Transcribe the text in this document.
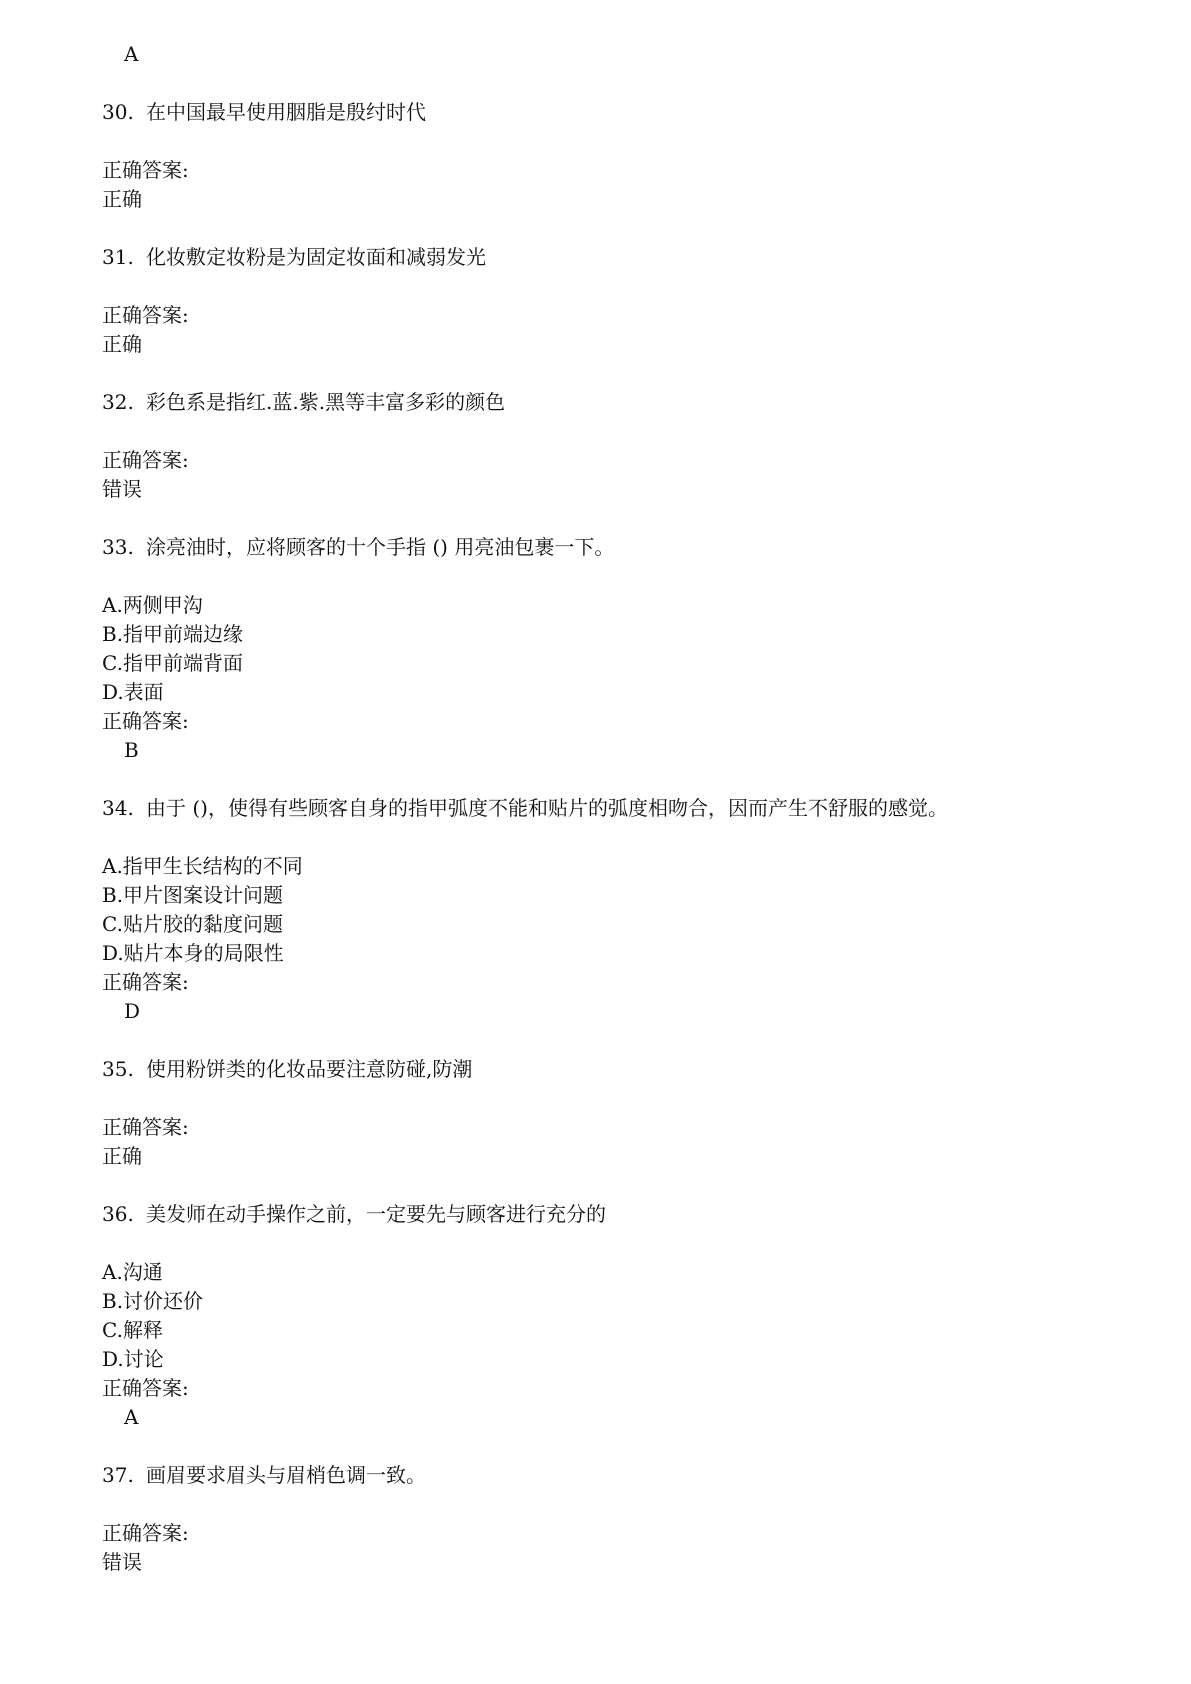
A
30. 在中国最早使用胭脂是殷纣时代
正确答案:
正确
31. 化妆敷定妆粉是为固定妆面和减弱发光
正确答案:
正确
32. 彩色系是指红.蓝.紫.黑等丰富多彩的颜色
正确答案:
错误
33. 涂亮油时，应将顾客的十个手指 () 用亮油包裹一下。
A.两侧甲沟
B.指甲前端边缘
C.指甲前端背面
D.表面
正确答案:
B
34. 由于 ()，使得有些顾客自身的指甲弧度不能和贴片的弧度相吻合，因而产生不舒服的感觉。
A.指甲生长结构的不同
B.甲片图案设计问题
C.贴片胶的黏度问题
D.贴片本身的局限性
正确答案:
D
35. 使用粉饼类的化妆品要注意防碰,防潮
正确答案:
正确
36. 美发师在动手操作之前，一定要先与顾客进行充分的
A.沟通
B.讨价还价
C.解释
D.讨论
正确答案:
A
37. 画眉要求眉头与眉梢色调一致。
正确答案:
错误
